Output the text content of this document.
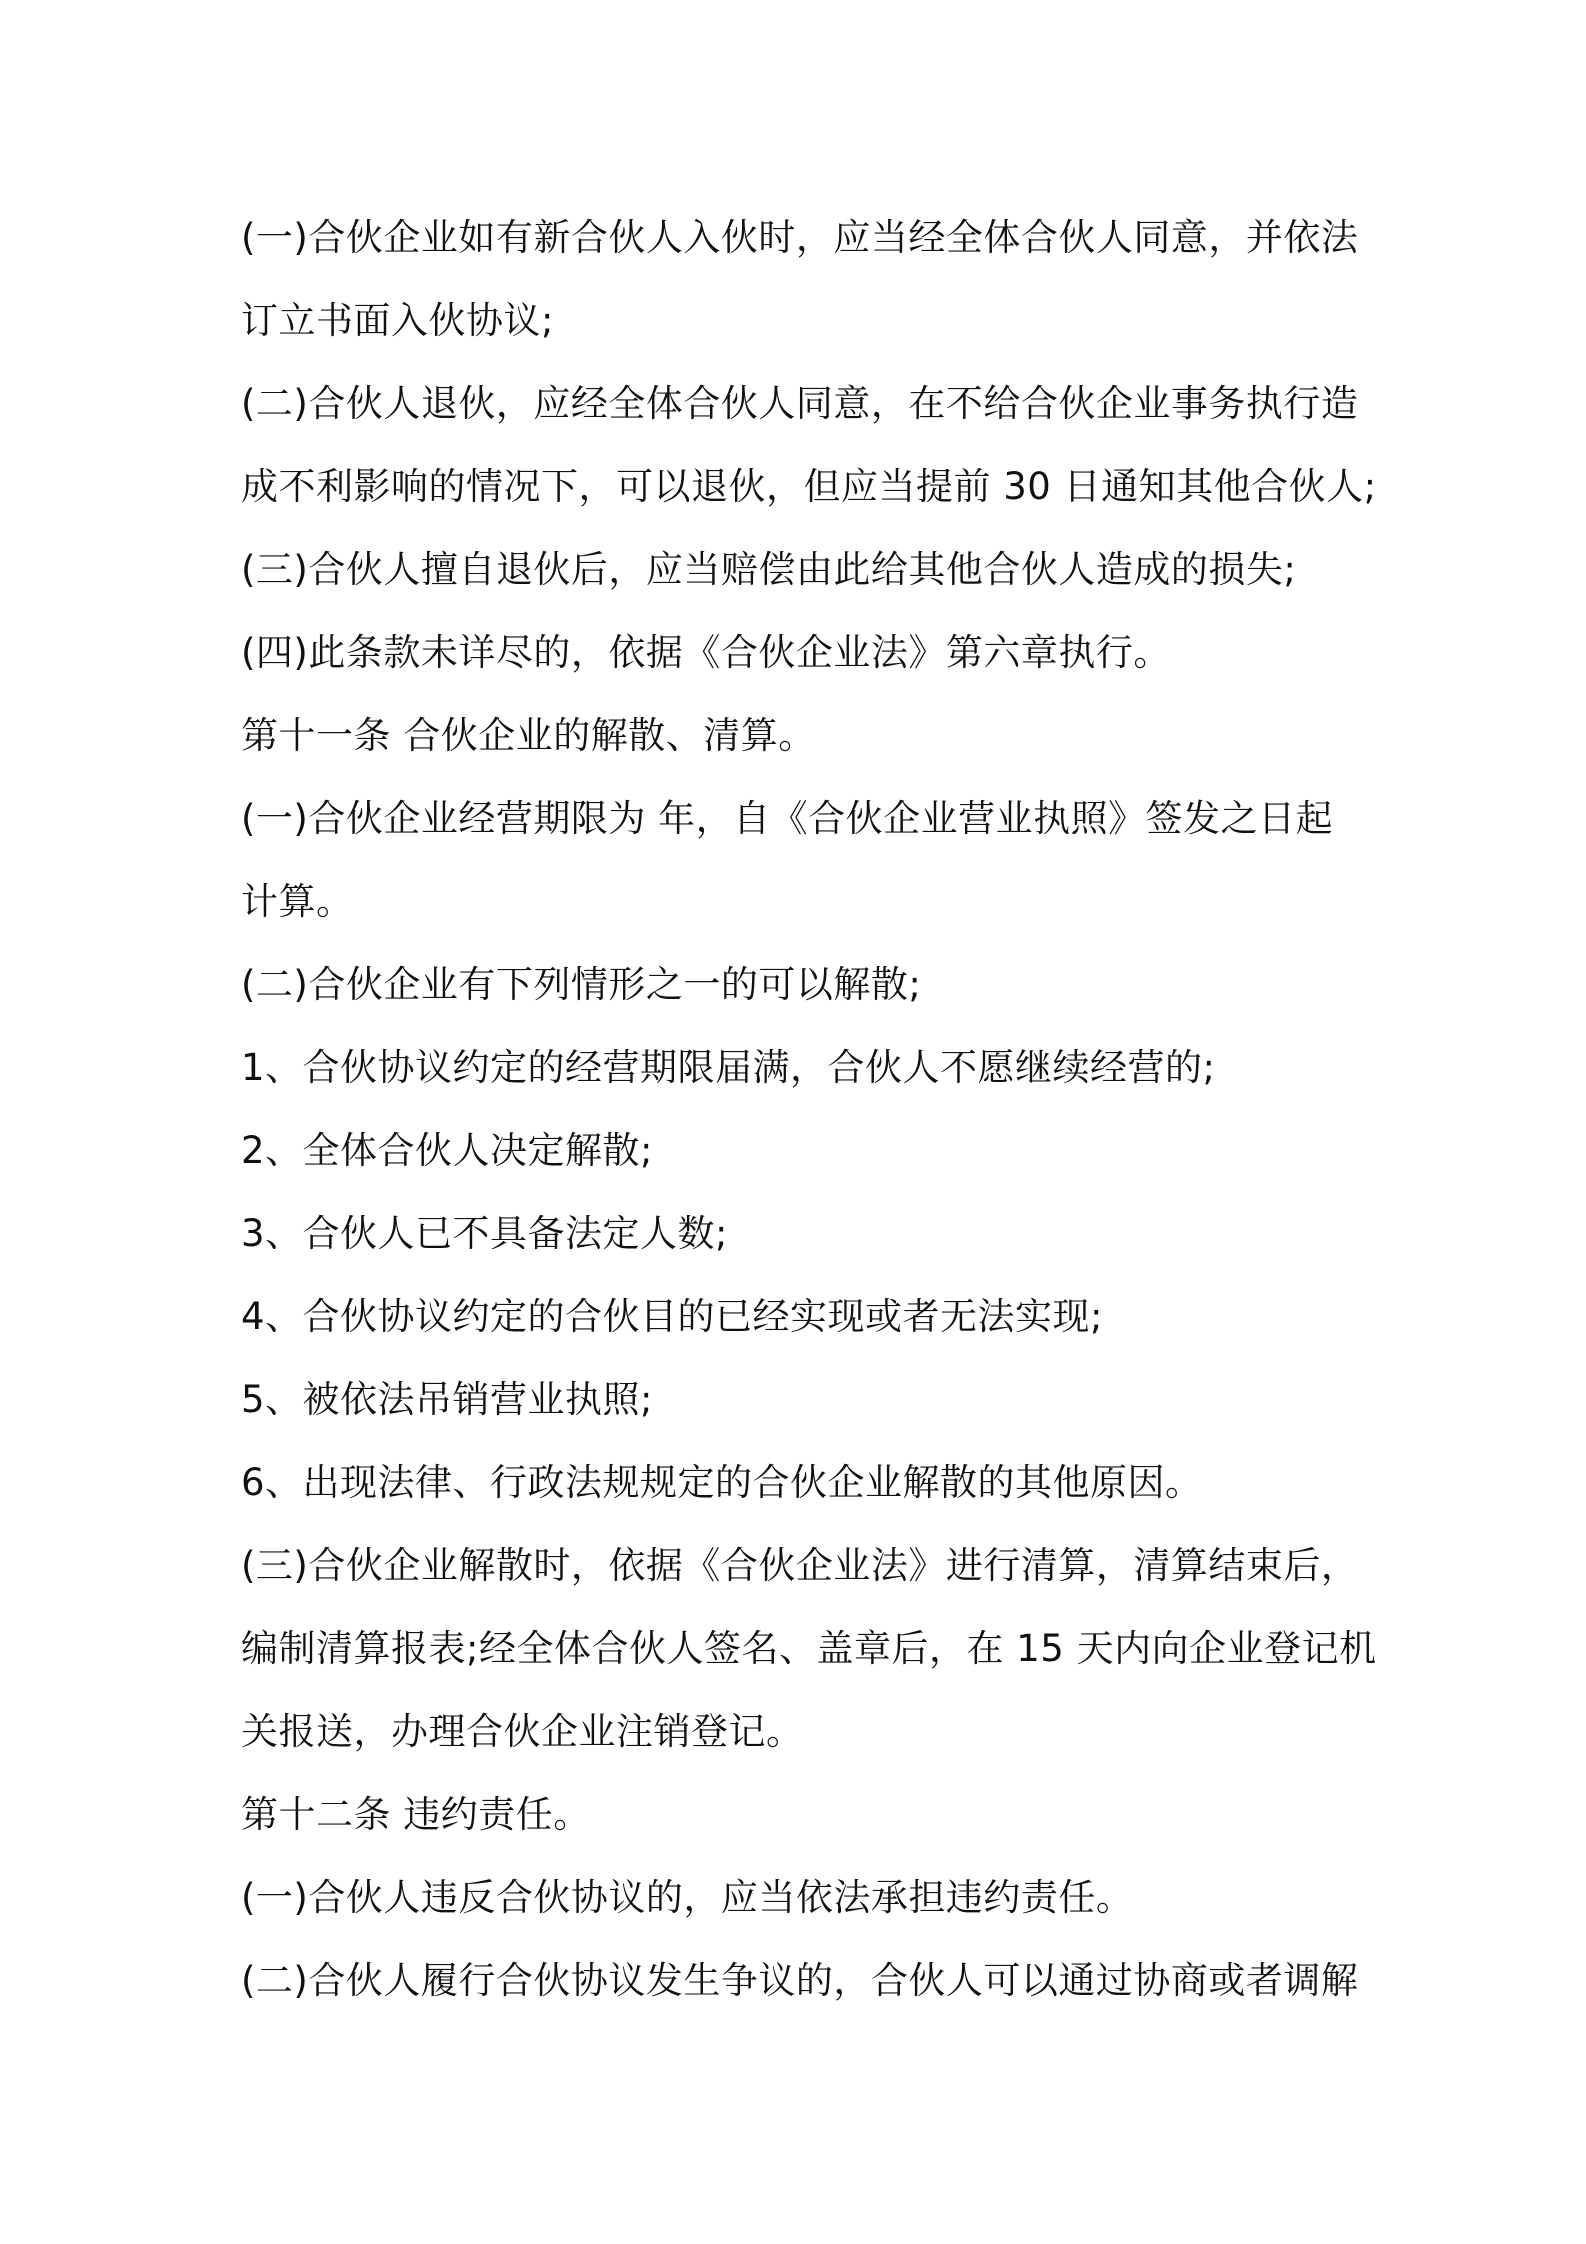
(一)合伙企业如有新合伙人入伙时，应当经全体合伙人同意，并依法

订立书面入伙协议;

(二)合伙人退伙，应经全体合伙人同意，在不给合伙企业事务执行造

成不利影响的情况下，可以退伙，但应当提前 30 日通知其他合伙人;

(三)合伙人擅自退伙后，应当赔偿由此给其他合伙人造成的损失;

(四)此条款未详尽的，依据《合伙企业法》第六章执行。

第十一条 合伙企业的解散、清算。

(一)合伙企业经营期限为 年，自《合伙企业营业执照》签发之日起

计算。

(二)合伙企业有下列情形之一的可以解散;

1、合伙协议约定的经营期限届满，合伙人不愿继续经营的;

2、全体合伙人决定解散;

3、合伙人已不具备法定人数;

4、合伙协议约定的合伙目的已经实现或者无法实现;

5、被依法吊销营业执照;

6、出现法律、行政法规规定的合伙企业解散的其他原因。

(三)合伙企业解散时，依据《合伙企业法》进行清算，清算结束后，

编制清算报表;经全体合伙人签名、盖章后，在 15 天内向企业登记机

关报送，办理合伙企业注销登记。

第十二条 违约责任。

(一)合伙人违反合伙协议的，应当依法承担违约责任。

(二)合伙人履行合伙协议发生争议的，合伙人可以通过协商或者调解
